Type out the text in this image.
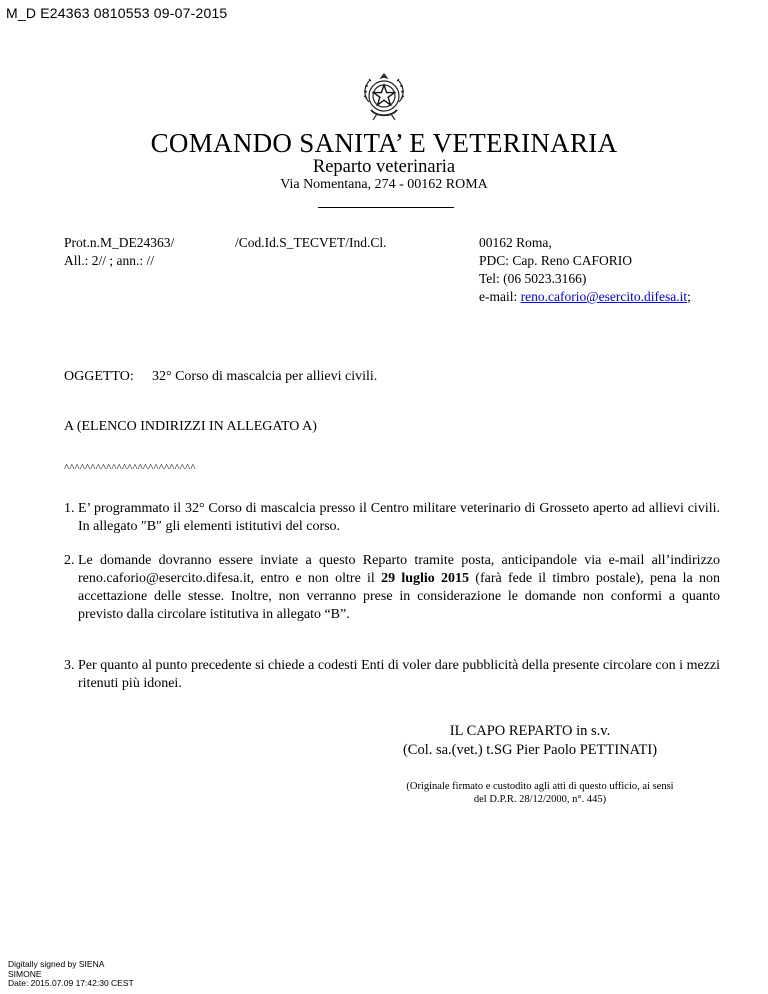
M_D E24363 0810553 09-07-2015
COMANDO SANITA’ E VETERINARIA
Reparto veterinaria
Via Nomentana, 274 - 00162 ROMA
Prot.n.M_DE24363/
All.: 2// ; ann.: //
/Cod.Id.S_TECVET/Ind.Cl.	00162 Roma,
PDC: Cap. Reno CAFORIO
Tel: (06 5023.3166)
e-mail: reno.caforio@esercito.difesa.it;
OGGETTO: 32° Corso di mascalcia per allievi civili.
A (ELENCO INDIRIZZI IN ALLEGATO A)
^^^^^^^^^^^^^^^^^^^^^^^^^
1. E’ programmato il 32° Corso di mascalcia presso il Centro militare veterinario di Grosseto aperto ad allievi civili. In allegato ″B″ gli elementi istitutivi del corso.
2. Le domande dovranno essere inviate a questo Reparto tramite posta, anticipandole via e-mail all’indirizzo reno.caforio@esercito.difesa.it, entro e non oltre il 29 luglio 2015 (farà fede il timbro postale), pena la non accettazione delle stesse. Inoltre, non verranno prese in considerazione le domande non conformi a quanto previsto dalla circolare istitutiva in allegato “B”.
3. Per quanto al punto precedente si chiede a codesti Enti di voler dare pubblicità della presente circolare con i mezzi ritenuti più idonei.
IL CAPO REPARTO in s.v.
(Col. sa.(vet.) t.SG Pier Paolo PETTINATI)
(Originale firmato e custodito agli atti di questo ufficio, ai sensi
del D.P.R. 28/12/2000, n°. 445)
Digitally signed by SIENA
SIMONE
Date: 2015.07.09 17:42:30 CEST
